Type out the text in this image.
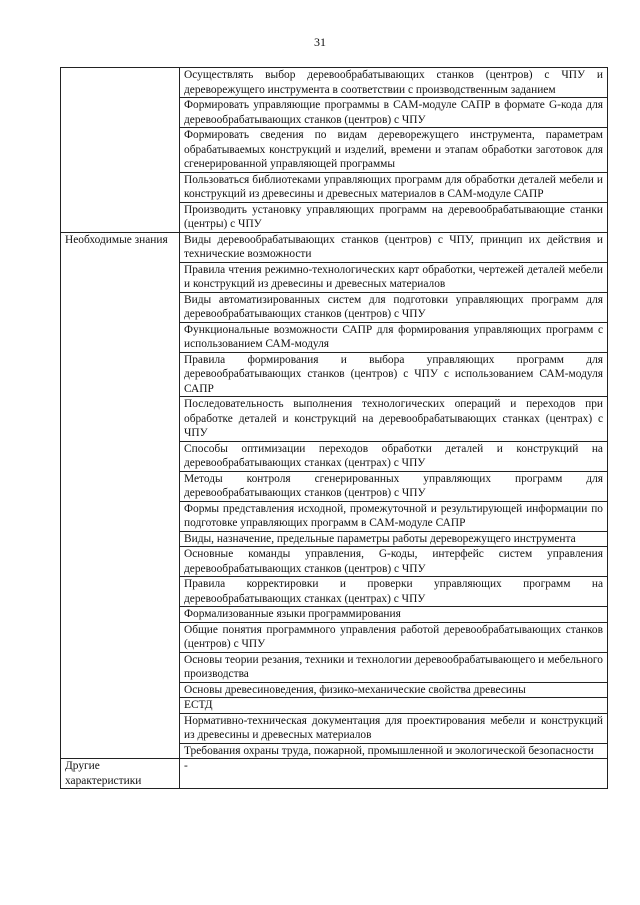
31
	Осуществлять выбор деревообрабатывающих станков (центров) с ЧПУ и дереворежущего инструмента в соответствии с производственным заданием
	Формировать управляющие программы в САМ-модуле САПР в формате G-кода для деревообрабатывающих станков (центров) с ЧПУ
	Формировать сведения по видам дереворежущего инструмента, параметрам обрабатываемых конструкций и изделий, времени и этапам обработки заготовок для сгенерированной управляющей программы
	Пользоваться библиотеками управляющих программ для обработки деталей мебели и конструкций из древесины и древесных материалов в САМ-модуле САПР
	Производить установку управляющих программ на деревообрабатывающие станки (центры) с ЧПУ
Необходимые знания	Виды деревообрабатывающих станков (центров) с ЧПУ, принцип их действия и технические возможности
	Правила чтения режимно-технологических карт обработки, чертежей деталей мебели и конструкций из древесины и древесных материалов
	Виды автоматизированных систем для подготовки управляющих программ для деревообрабатывающих станков (центров) с ЧПУ
	Функциональные возможности САПР для формирования управляющих программ с использованием САМ-модуля
	Правила формирования и выбора управляющих программ для деревообрабатывающих станков (центров) с ЧПУ с использованием САМ-модуля САПР
	Последовательность выполнения технологических операций и переходов при обработке деталей и конструкций на деревообрабатывающих станках (центрах) с ЧПУ
	Способы оптимизации переходов обработки деталей и конструкций на деревообрабатывающих станках (центрах) с ЧПУ
	Методы контроля сгенерированных управляющих программ для деревообрабатывающих станков (центров) с ЧПУ
	Формы представления исходной, промежуточной и результирующей информации по подготовке управляющих программ в САМ-модуле САПР
	Виды, назначение, предельные параметры работы дереворежущего инструмента
	Основные команды управления, G-коды, интерфейс систем управления деревообрабатывающих станков (центров) с ЧПУ
	Правила корректировки и проверки управляющих программ на деревообрабатывающих станках (центрах) с ЧПУ
	Формализованные языки программирования
	Общие понятия программного управления работой деревообрабатывающих станков (центров) с ЧПУ
	Основы теории резания, техники и технологии деревообрабатывающего и мебельного производства
	Основы древесиноведения, физико-механические свойства древесины
	ЕСТД
	Нормативно-техническая документация для проектирования мебели и конструкций из древесины и древесных материалов
	Требования охраны труда, пожарной, промышленной и экологической безопасности
Другие характеристики	-
